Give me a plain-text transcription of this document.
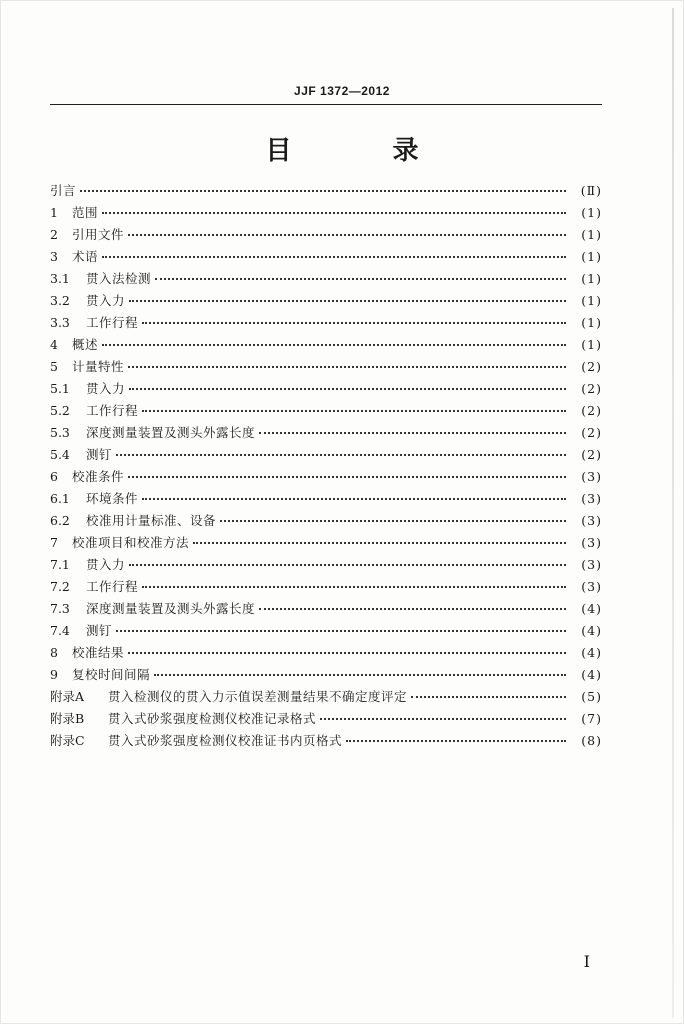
JJF 1372—2012
目 录
引言	(Ⅱ)
1	范围	(1)
2	引用文件	(1)
3	术语	(1)
3.1	贯入法检测	(1)
3.2	贯入力	(1)
3.3	工作行程	(1)
4	概述	(1)
5	计量特性	(2)
5.1	贯入力	(2)
5.2	工作行程	(2)
5.3	深度测量装置及测头外露长度	(2)
5.4	测钉	(2)
6	校准条件	(3)
6.1	环境条件	(3)
6.2	校准用计量标准、设备	(3)
7	校准项目和校准方法	(3)
7.1	贯入力	(3)
7.2	工作行程	(3)
7.3	深度测量装置及测头外露长度	(4)
7.4	测钉	(4)
8	校准结果	(4)
9	复校时间间隔	(4)
附录A	贯入检测仪的贯入力示值误差测量结果不确定度评定	(5)
附录B	贯入式砂浆强度检测仪校准记录格式	(7)
附录C	贯入式砂浆强度检测仪校准证书内页格式	(8)
I
